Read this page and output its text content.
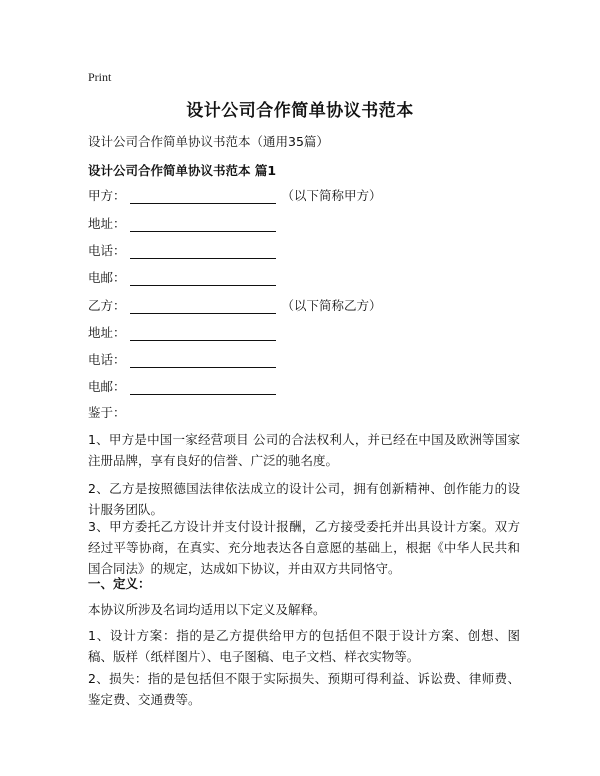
Print
设计公司合作简单协议书范本
设计公司合作简单协议书范本（通用35篇）
设计公司合作简单协议书范本 篇1
甲方：	（以下简称甲方）
地址：
电话：
电邮：
乙方：	（以下简称乙方）
地址：
电话：
电邮：
鉴于：
1、甲方是中国一家经营项目 公司的合法权利人，并已经在中国及欧洲等国家注册品牌，享有良好的信誉、广泛的驰名度。
2、乙方是按照德国法律依法成立的设计公司，拥有创新精神、创作能力的设计服务团队。
3、甲方委托乙方设计并支付设计报酬，乙方接受委托并出具设计方案。双方经过平等协商，在真实、充分地表达各自意愿的基础上，根据《中华人民共和国合同法》的规定，达成如下协议，并由双方共同恪守。
一、定义：
本协议所涉及名词均适用以下定义及解释。
1、设计方案：指的是乙方提供给甲方的包括但不限于设计方案、创想、图稿、版样（纸样图片）、电子图稿、电子文档、样衣实物等。
2、损失：指的是包括但不限于实际损失、预期可得利益、诉讼费、律师费、鉴定费、交通费等。
